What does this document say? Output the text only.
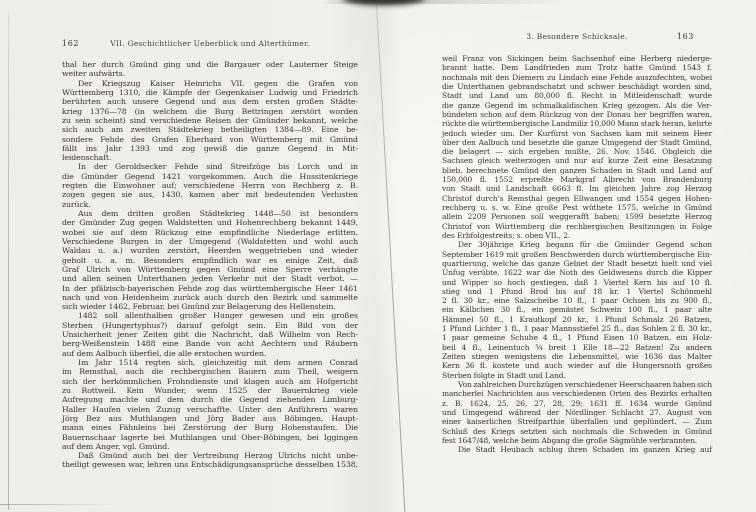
162	VII. Geschichtlicher Ueberblick und Alterthümer.
thal her durch Gmünd ging und die Bargauer oder Lauterner Steige
weiter aufwärts.
Der Kriegszug Kaiser Heinrichs VII. gegen die Grafen von
Württemberg 1310, die Kämpfe der Gegenkaiser Ludwig und Friedrich
berührten auch unsere Gegend und aus dem ersten großen Städte-
krieg 1376—78 (in welchem die Burg Bettringen zerstört worden
zu sein scheint) sind verschiedene Reisen der Gmünder bekannt, welche
sich auch am zweiten Städtekrieg betheiligten 1384—89. Eine be-
sondere Fehde des Grafen Eberhard von Württemberg mit Gmünd
fällt ins Jahr 1393 und zog gewiß die ganze Gegend in Mit-
leidenschaft.
In der Geroldsecker Fehde sind Streifzüge bis Lorch und in
die Gmünder Gegend 1421 vorgekommen. Auch die Hussitenkriege
regten die Einwohner auf; verschiedene Herrn von Rechberg z. B.
zogen gegen sie aus, 1430, kamen aber mit bedeutenden Verlusten
zurück.
Aus dem dritten großen Städtekrieg 1448—50 ist besonders
der Gmünder Zug gegen Waldstetten und Hohenrechberg bekannt 1449,
wobei sie auf dem Rückzug eine empfindliche Niederlage erlitten.
Verschiedene Burgen in der Umgegend (Waldstetten und wohl auch
Waldau u. a.) wurden zerstört, Heerden weggetrieben und wieder
geholt u. a. m. Besonders empfindlich war es einige Zeit, daß
Graf Ulrich von Württemberg gegen Gmünd eine Sperre verhängte
und allen seinen Unterthanen jeden Verkehr mit der Stadt verbot. —
In der pfälzisch-bayerischen Fehde zog das württembergische Heer 1461
nach und von Heidenheim zurück auch durch den Bezirk und sammelte
sich wieder 1462, Februar, bei Gmünd zur Belagerung des Hellenstein.
1482 soll allenthalben großer Hunger gewesen und ein großes
Sterben (Hungertyphus?) darauf gefolgt sein. Ein Bild von der
Unsicherheit jener Zeiten gibt die Nachricht, daß Wilhelm von Rech-
berg-Weißenstein 1488 eine Bande von acht Aechtern und Räubern
auf dem Aalbuch überfiel, die alle erstochen wurden.
Im Jahr 1514 regten sich, gleichzeitig mit dem armen Conrad
im Remsthal, auch die rechbergischen Bauern zum Theil, weigern
sich der herkömmlichen Frohndienste und klagen auch am Hofgericht
zu Rottweil. Kein Wunder, wenn 1525 der Bauernkrieg viele
Aufregung machte und dem durch die Gegend ziehenden Limburg-
Haller Haufen vielen Zuzug verschaffte. Unter den Anführern waren
Jörg Bez aus Muthlangen und Jörg Bader aus Böbingen, Haupt-
mann eines Fähnleins bei Zerstörung der Burg Hohenstaufen. Die
Bauernschaar lagerte bei Muthlangen und Ober-Böbingen, bei Iggingen
auf dem Anger, vgl. Gmünd.
Daß Gmünd auch bei der Vertreibung Herzog Ulrichs nicht unbe-
theiligt gewesen war, lehren uns Entschädigungsansprüche desselben 1538,
3. Besondere Schicksale.	163
weil Franz von Sickingen beim Sachsenhof eine Herberg niederge-
brannt hatte. Dem Landfrieden zum Trotz hatte Gmünd 1543 f.
nochmals mit den Diemern zu Lindach eine Fehde auszufechten, wobei
die Unterthanen gebrandschatzt und schwer beschädigt worden sind,
Stadt und Land um 80,000 fl. Recht in Mitleidenschaft wurde
die ganze Gegend im schmalkaldischen Krieg gezogen. Als die Ver-
bündeten schon auf dem Rückzug von der Donau her begriffen waren,
rückte die württembergische Landmiliz 10,000 Mann stark heran, kehrte
jedoch wieder um. Der Kurfürst von Sachsen kam mit seinem Heer
über den Aalbuch und besetzte die ganze Umgegend der Stadt Gmünd,
die belagert — sich ergeben mußte, 26. Nov. 1546. Obgleich die
Sachsen gleich weiterzogen und nur auf kurze Zeit eine Besatzung
blieb, berechnete Gmünd den ganzen Schaden in Stadt und Land auf
150,000 fl. 1552 erpreßte Markgraf Albrecht von Brandenburg
von Stadt und Landschaft 6663 fl. Im gleichen Jahre zog Herzog
Christof durch's Remsthal gegen Ellwangen und 1554 gegen Hohen-
rechberg u. s. w. Eine große Pest wüthete 1575, welche in Gmünd
allein 2209 Personen soll weggerafft haben; 1599 besetzte Herzog
Christof von Württemberg die rechbergischen Besitzungen in Folge
des Erbfolgestreits; s. oben VII., 2.
Der 30jährige Krieg begann für die Gmünder Gegend schon
September 1619 mit großen Beschwerden durch württembergische Ein-
quartierung, welche das ganze Gebiet der Stadt besetzt hielt und viel
Unfug verübte. 1622 war die Noth des Geldwesens durch die Kipper
und Wipper so hoch gestiegen, daß 1 Viertel Kern bis auf 10 fl.
stieg und 1 Pfund Brod bis auf 18 kr. 1 Viertel Schönmehl
2 fl. 30 kr., eine Salzscheibe 10 fl., 1 paar Ochsen bis zu 900 fl.,
ein Kälbchen 30 fl., ein gemästet Schwein 100 fl., 1 paar alte
Hämmel 50 fl., 1 Krautkopf 20 kr., 1 Pfund Schmalz 26 Batzen,
1 Pfund Lichter 1 fl., 1 paar Mannsstiefel 25 fl., das Sohlen 2 fl. 30 kr.,
1 paar gemeine Schuhe 4 fl., 1 Pfund Eisen 10 Batzen, ein Holz-
beil 4 fl., Leinentuch ⁵⁄₄ breit 1 Elle 18—22 Batzen! Zu andern
Zeiten stiegen wenigstens die Lebensmittel, wie 1636 das Malter
Kern 36 fl. kostete und auch wieder auf die Hungersnoth großes
Sterben folgte in Stadt und Land.
Von zahlreichen Durchzügen verschiedener Heerschaaren haben sich
mancherlei Nachrichten aus verschiedenen Orten des Bezirks erhalten
z. B. 1624, 25, 26, 27, 28, 29; 1631 ff. 1634 wurde Gmünd
und Umgegend während der Nördlinger Schlacht 27. August von
einer kaiserlichen Streifparthie überfallen und geplündert. — Zum
Schluß des Kriegs setzten sich nochmals die Schweden in Gmünd
fest 1647/48, welche beim Abgang die große Sägmühle verbrannten.
Die Stadt Heubach schlug ihren Schaden im ganzen Krieg auf
